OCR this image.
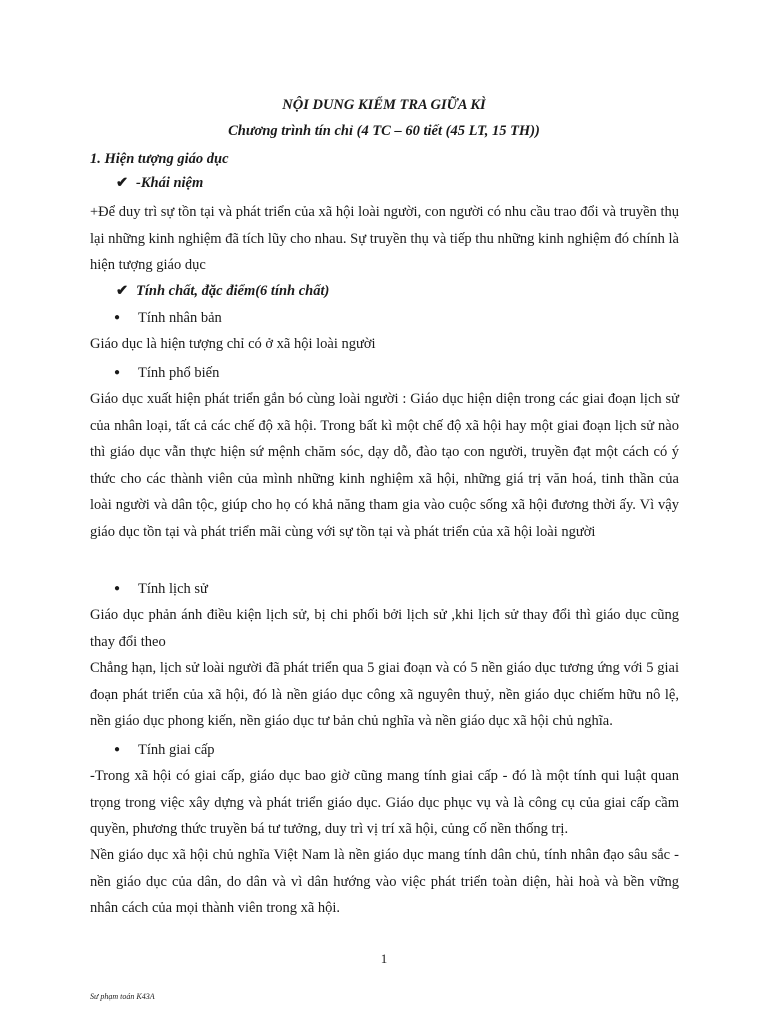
NỘI DUNG KIỂM TRA GIỮA KÌ
Chương trình tín chỉ (4 TC – 60 tiết (45 LT, 15 TH))
1. Hiện tượng giáo dục
✔ -Khái niệm

+Để duy trì sự tồn tại và phát triển của xã hội loài người, con người có nhu cầu trao đổi và truyền thụ lại những kinh nghiệm đã tích lũy cho nhau. Sự truyền thụ và tiếp thu những kinh nghiệm đó chính là hiện tượng giáo dục

✔ Tính chất, đặc điểm(6 tính chất)
● Tính nhân bản

Giáo dục là hiện tượng chỉ có ở xã hội loài người

● Tính phổ biến

Giáo dục xuất hiện phát triển gắn bó cùng loài người : Giáo dục hiện diện trong các giai đoạn lịch sử của nhân loại, tất cả các chế độ xã hội. Trong bất kì một chế độ xã hội hay một giai đoạn lịch sử nào thì giáo dục vẫn thực hiện sứ mệnh chăm sóc, dạy dỗ, đào tạo con người, truyền đạt một cách có ý thức cho các thành viên của mình những kinh nghiệm xã hội, những giá trị văn hoá, tinh thần của loài người và dân tộc, giúp cho họ có khả năng tham gia vào cuộc sống xã hội đương thời ấy. Vì vậy giáo dục tồn tại và phát triển mãi cùng với sự tồn tại và phát triển của xã hội loài người

● Tính lịch sử

Giáo dục phản ánh điều kiện lịch sử, bị chi phối bởi lịch sử ,khi lịch sử thay đổi thì giáo dục cũng thay đổi theo

Chẳng hạn, lịch sử loài người đã phát triển qua 5 giai đoạn và có 5 nền giáo dục tương ứng với 5 giai đoạn phát triển của xã hội, đó là nền giáo dục công xã nguyên thuỷ, nền giáo dục chiếm hữu nô lệ, nền giáo dục phong kiến, nền giáo dục tư bản chủ nghĩa và nền giáo dục xã hội chủ nghĩa.

● Tính giai cấp

-Trong xã hội có giai cấp, giáo dục bao giờ cũng mang tính giai cấp - đó là một tính qui luật quan trọng trong việc xây dựng và phát triển giáo dục. Giáo dục phục vụ và là công cụ của giai cấp cầm quyền, phương thức truyền bá tư tưởng, duy trì vị trí xã hội, củng cố nền thống trị.

Nền giáo dục xã hội chủ nghĩa Việt Nam là nền giáo dục mang tính dân chủ, tính nhân đạo sâu sắc - nền giáo dục của dân, do dân và vì dân hướng vào việc phát triển toàn diện, hài hoà và bền vững nhân cách của mọi thành viên trong xã hội.

1
Sư phạm toán K43A
